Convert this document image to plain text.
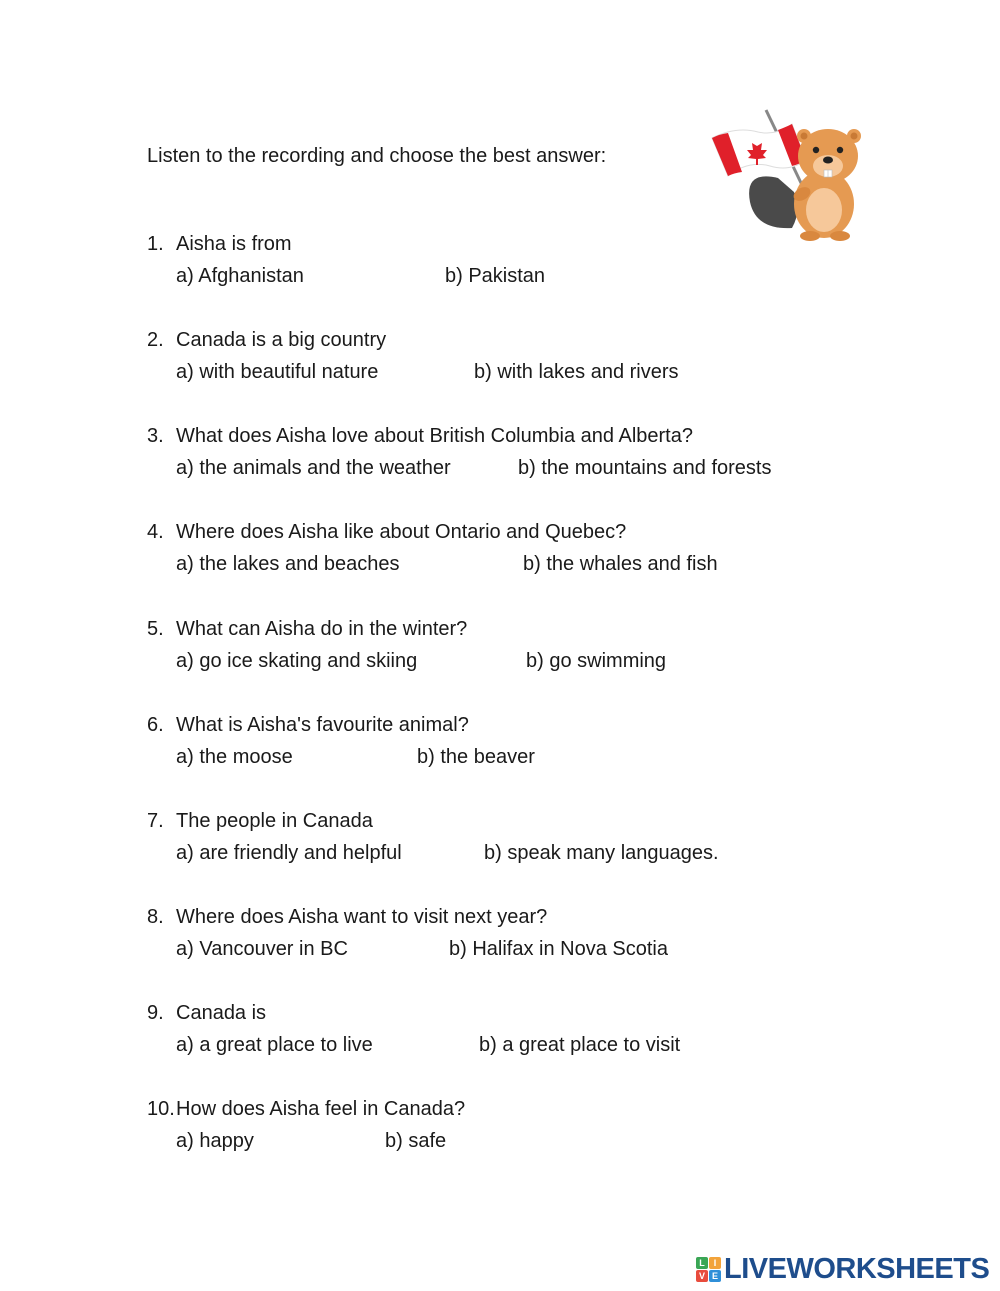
Listen to the recording and choose the best answer:
1. Aisha is from
a) Afghanistan	b) Pakistan
2. Canada is a big country
a) with beautiful nature	b) with lakes and rivers
3. What does Aisha love about British Columbia and Alberta?
a) the animals and the weather	b) the mountains and forests
4. Where does Aisha like about Ontario and Quebec?
a) the lakes and beaches	b) the whales and fish
5. What can Aisha do in the winter?
a) go ice skating and skiing	b) go swimming
6. What is Aisha's favourite animal?
a) the moose	b) the beaver
7. The people in Canada
a) are friendly and helpful	b) speak many languages.
8. Where does Aisha want to visit next year?
a) Vancouver in BC	b) Halifax in Nova Scotia
9. Canada is
a) a great place to live	b) a great place to visit
10. How does Aisha feel in Canada?
a) happy	b) safe
L I
V E LIVEWORKSHEETS
